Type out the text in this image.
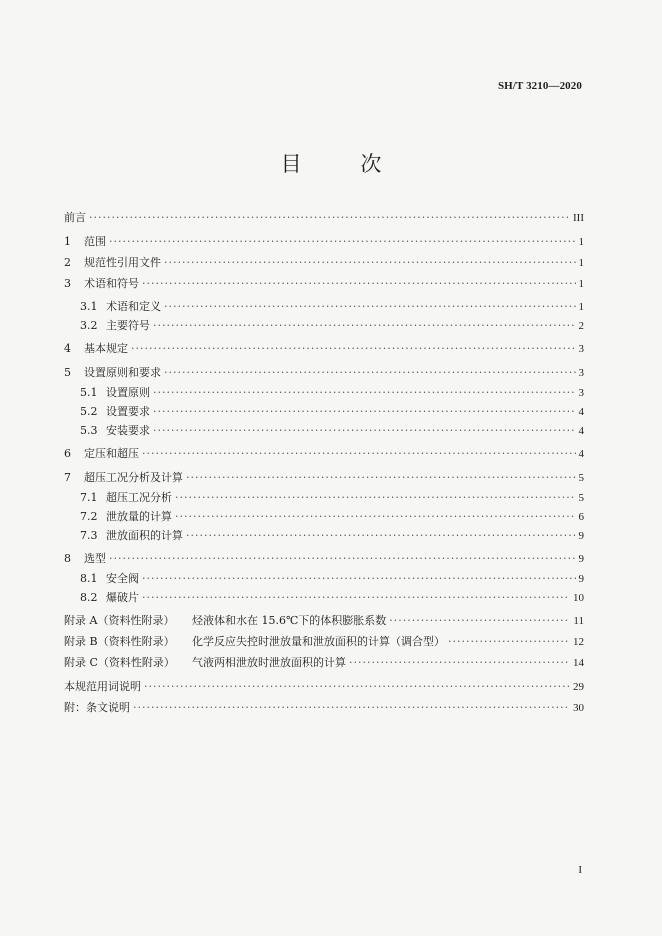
SH/T 3210—2020
目 次
前言 ·····	III
1	范围 ·····	1
2	规范性引用文件 ·····	1
3	术语和符号 ·····	1
3.1 术语和定义 ·····	1
3.2 主要符号 ·····	2
4	基本规定 ·····	3
5	设置原则和要求 ·····	3
5.1 设置原则 ·····	3
5.2 设置要求 ·····	4
5.3 安装要求 ·····	4
6	定压和超压 ·····	4
7	超压工况分析及计算 ·····	5
7.1 超压工况分析 ·····	5
7.2 泄放量的计算 ·····	6
7.3 泄放面积的计算 ·····	9
8	选型 ·····	9
8.1 安全阀 ·····	9
8.2 爆破片 ·····	10
附录 A（资料性附录）	烃液体和水在 15.6℃下的体积膨胀系数 ·····	11
附录 B（资料性附录）	化学反应失控时泄放量和泄放面积的计算（调合型） ·····	12
附录 C（资料性附录）	气液两相泄放时泄放面积的计算 ·····	14
本规范用词说明 ·····	29
附：条文说明 ·····	30
I
